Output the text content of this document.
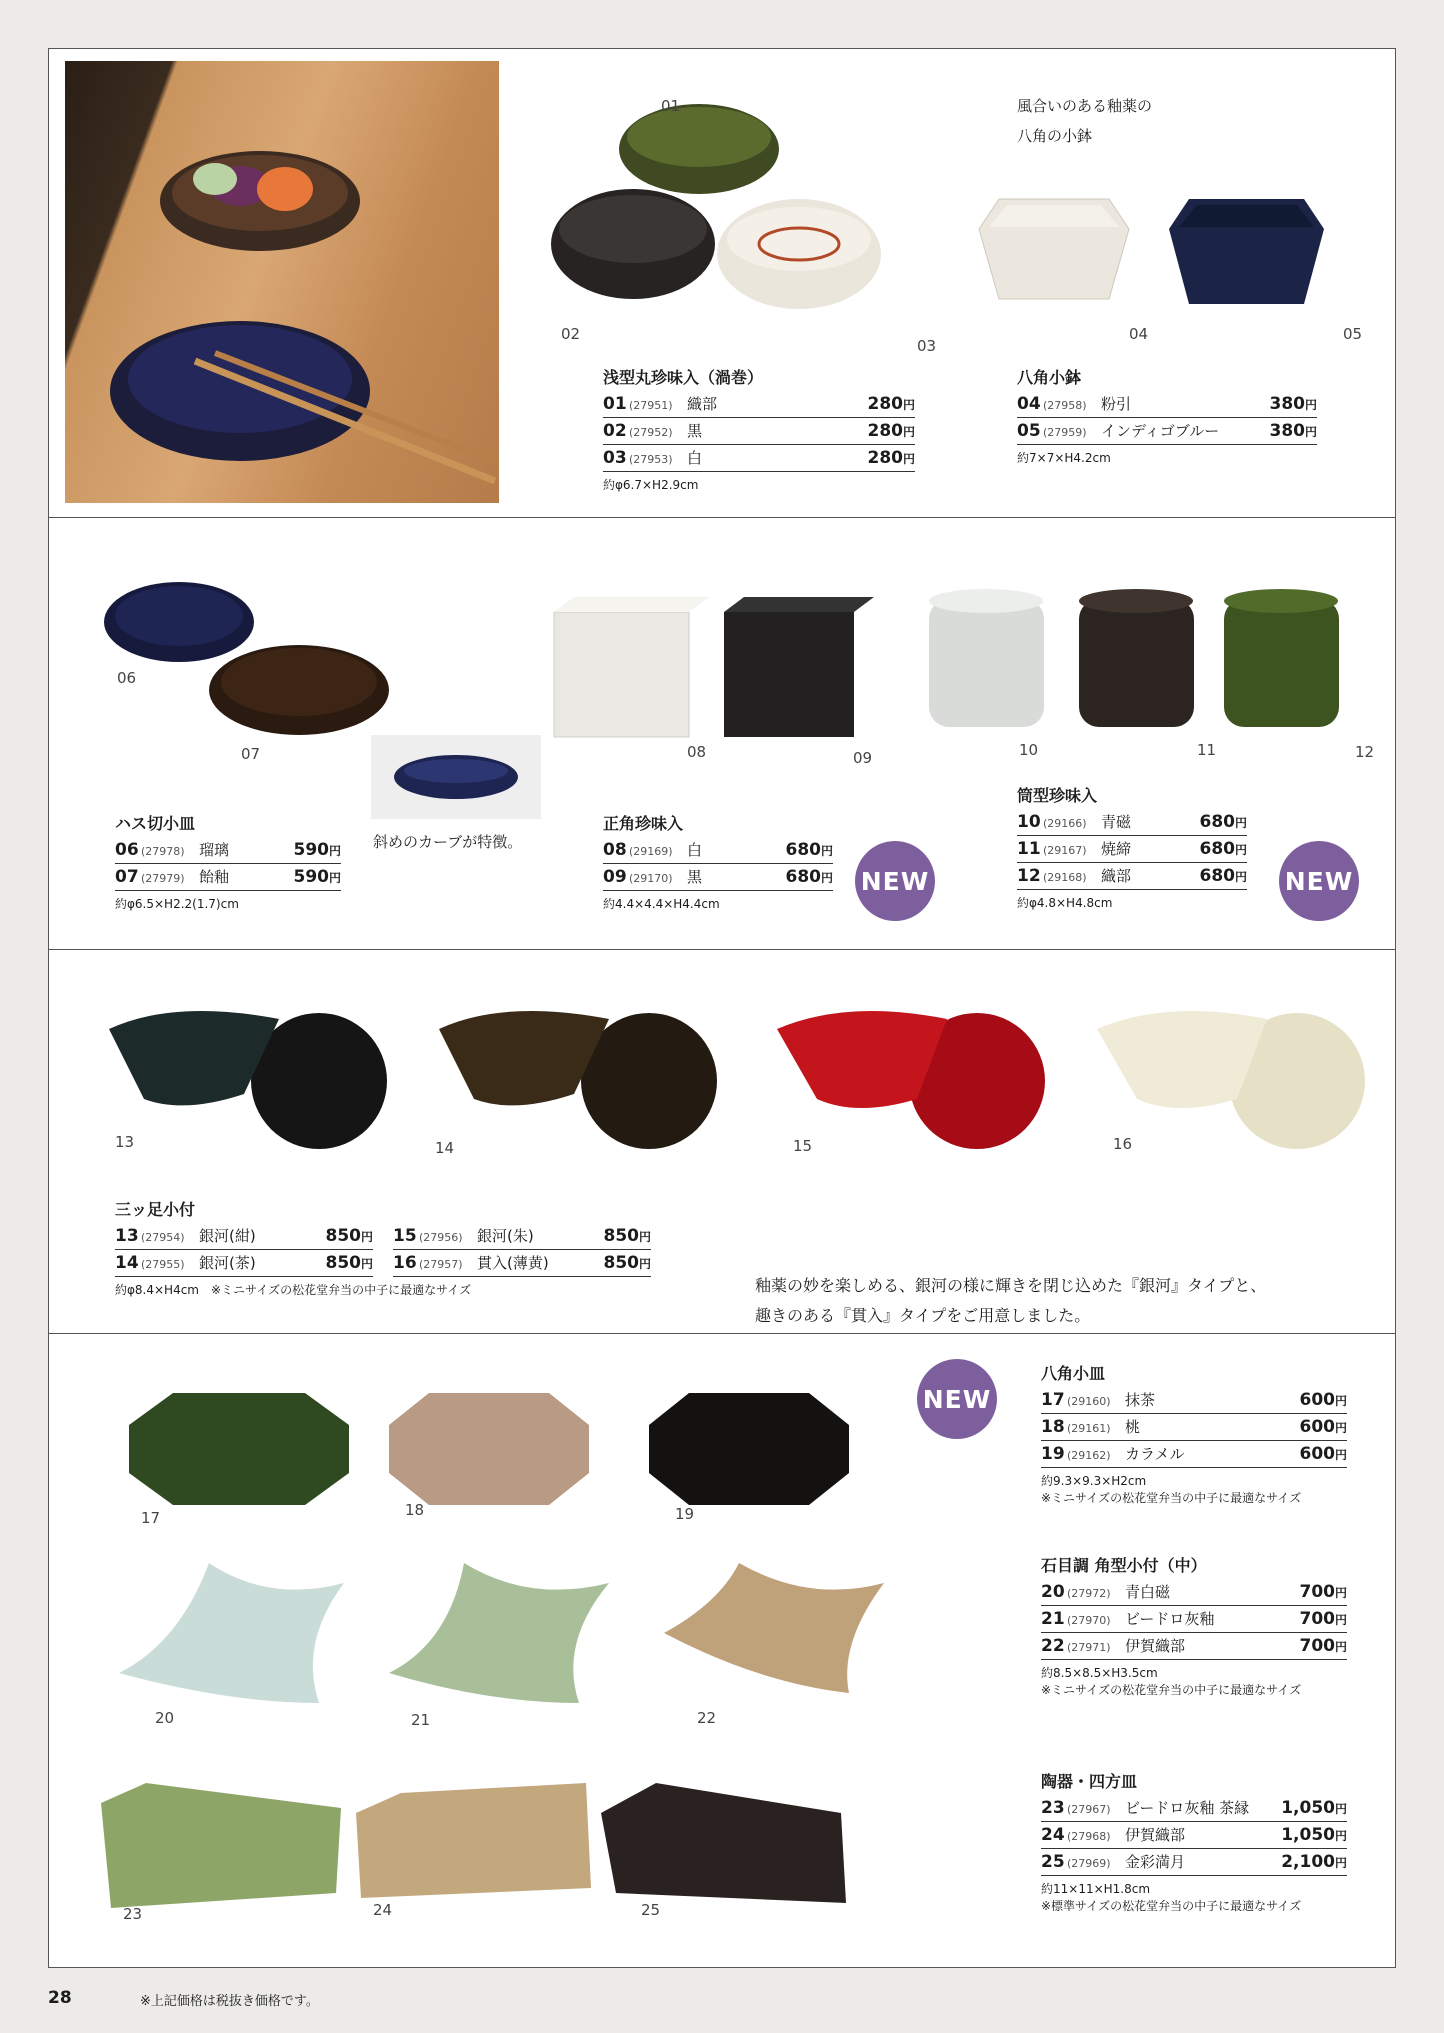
01
02
03
風合いのある釉薬の
八角の小鉢
04	05
浅型丸珍味入（渦巻）
01 (27951) 織部	280円
02 (27952) 黒	280円
03 (27953) 白	280円
約φ6.7×H2.9cm
八角小鉢
04 (27958) 粉引	380円
05 (27959) インディゴブルー	380円
約7×7×H4.2cm
06
07
斜めのカーブが特徴。
08	09	10	11	12
ハス切小皿
06 (27978) 瑠璃	590円
07 (27979) 飴釉	590円
約φ6.5×H2.2(1.7)cm
正角珍味入
08 (29169) 白	680円
09 (29170) 黒	680円
約4.4×4.4×H4.4cm
NEW
筒型珍味入
10 (29166) 青磁	680円
11 (29167) 焼締	680円
12 (29168) 織部	680円
約φ4.8×H4.8cm
NEW
13	14	15	16
三ッ足小付
13 (27954) 銀河(紺)	850円
14 (27955) 銀河(茶)	850円
15 (27956) 銀河(朱)	850円
16 (27957) 貫入(薄黄)	850円
約φ8.4×H4cm　※ミニサイズの松花堂弁当の中子に最適なサイズ	釉薬の妙を楽しめる、銀河の様に輝きを閉じ込めた『銀河』タイプと、
趣きのある『貫入』タイプをご用意しました。
NEW
17	18	19
20	21	22
23	24	25
八角小皿
17 (29160) 抹茶	600円
18 (29161) 桃	600円
19 (29162) カラメル	600円
約9.3×9.3×H2cm
※ミニサイズの松花堂弁当の中子に最適なサイズ
石目調 角型小付（中）
20 (27972) 青白磁	700円
21 (27970) ビードロ灰釉	700円
22 (27971) 伊賀織部	700円
約8.5×8.5×H3.5cm
※ミニサイズの松花堂弁当の中子に最適なサイズ
陶器・四方皿
23 (27967) ビードロ灰釉 茶縁	1,050円
24 (27968) 伊賀織部	1,050円
25 (27969) 金彩満月	2,100円
約11×11×H1.8cm
※標準サイズの松花堂弁当の中子に最適なサイズ
28	※上記価格は税抜き価格です。
